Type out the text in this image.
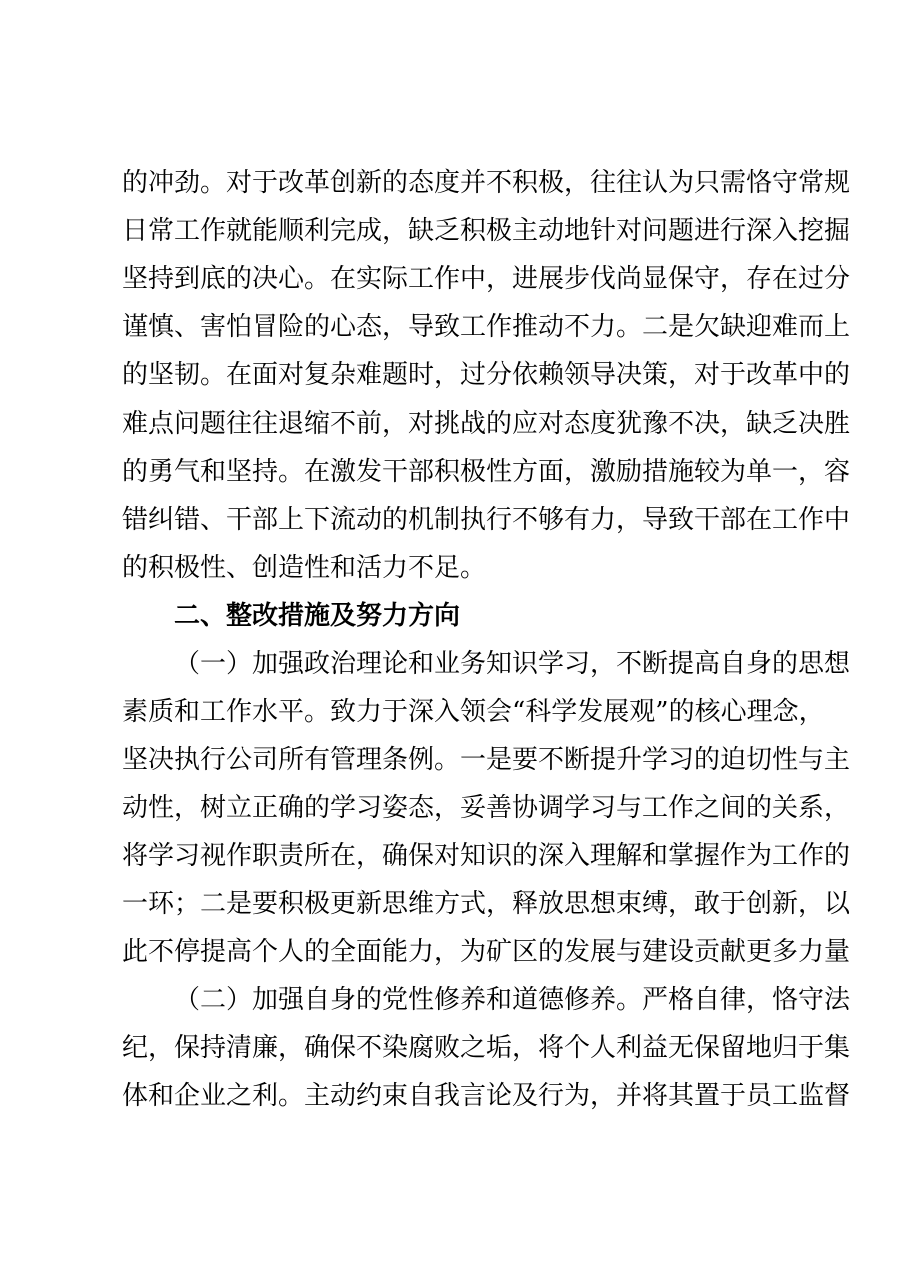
的冲劲。对于改革创新的态度并不积极，往往认为只需恪守常规
日常工作就能顺利完成，缺乏积极主动地针对问题进行深入挖掘
坚持到底的决心。在实际工作中，进展步伐尚显保守，存在过分
谨慎、害怕冒险的心态，导致工作推动不力。二是欠缺迎难而上
的坚韧。在面对复杂难题时，过分依赖领导决策，对于改革中的
难点问题往往退缩不前，对挑战的应对态度犹豫不决，缺乏决胜
的勇气和坚持。在激发干部积极性方面，激励措施较为单一，容
错纠错、干部上下流动的机制执行不够有力，导致干部在工作中
的积极性、创造性和活力不足。
二、整改措施及努力方向
（一）加强政治理论和业务知识学习，不断提高自身的思想
素质和工作水平。致力于深入领会“科学发展观”的核心理念，
坚决执行公司所有管理条例。一是要不断提升学习的迫切性与主
动性，树立正确的学习姿态，妥善协调学习与工作之间的关系，
将学习视作职责所在，确保对知识的深入理解和掌握作为工作的
一环；二是要积极更新思维方式，释放思想束缚，敢于创新，以
此不停提高个人的全面能力，为矿区的发展与建设贡献更多力量
（二）加强自身的党性修养和道德修养。严格自律，恪守法
纪，保持清廉，确保不染腐败之垢，将个人利益无保留地归于集
体和企业之利。主动约束自我言论及行为，并将其置于员工监督
